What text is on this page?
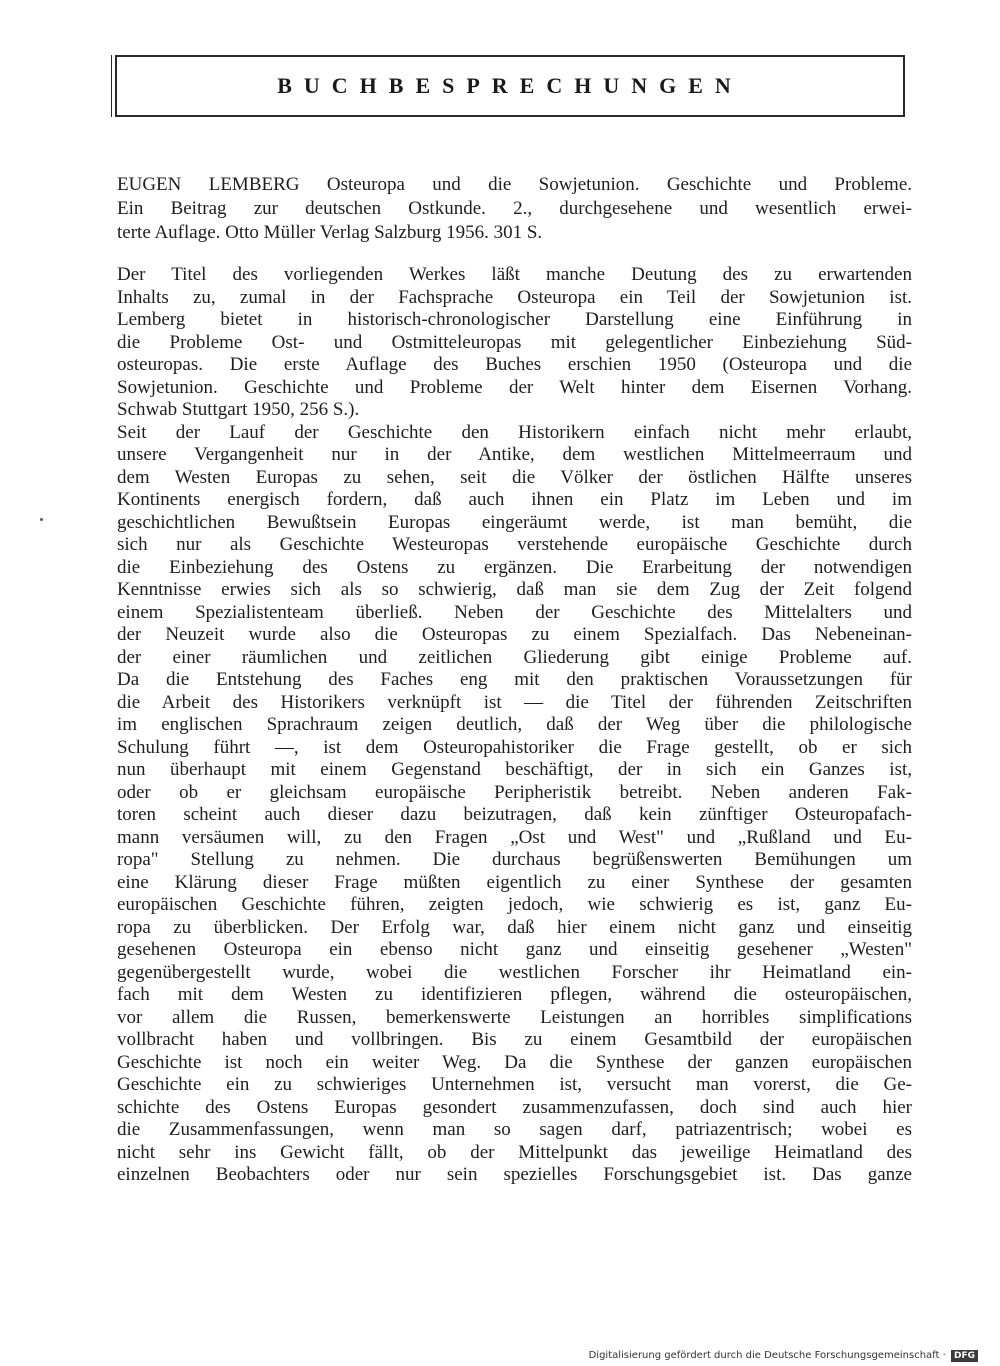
BUCHBESPRECHUNGEN
EUGEN LEMBERG Osteuropa und die Sowjetunion. Geschichte und Probleme.
Ein Beitrag zur deutschen Ostkunde. 2., durchgesehene und wesentlich erwei-
terte Auflage. Otto Müller Verlag Salzburg 1956. 301 S.
Der Titel des vorliegenden Werkes läßt manche Deutung des zu erwartenden
Inhalts zu, zumal in der Fachsprache Osteuropa ein Teil der Sowjetunion ist.
Lemberg bietet in historisch-chronologischer Darstellung eine Einführung in
die Probleme Ost- und Ostmitteleuropas mit gelegentlicher Einbeziehung Süd-
osteuropas. Die erste Auflage des Buches erschien 1950 (Osteuropa und die
Sowjetunion. Geschichte und Probleme der Welt hinter dem Eisernen Vorhang.
Schwab Stuttgart 1950, 256 S.).
Seit der Lauf der Geschichte den Historikern einfach nicht mehr erlaubt,
unsere Vergangenheit nur in der Antike, dem westlichen Mittelmeerraum und
dem Westen Europas zu sehen, seit die Völker der östlichen Hälfte unseres
Kontinents energisch fordern, daß auch ihnen ein Platz im Leben und im
geschichtlichen Bewußtsein Europas eingeräumt werde, ist man bemüht, die
sich nur als Geschichte Westeuropas verstehende europäische Geschichte durch
die Einbeziehung des Ostens zu ergänzen. Die Erarbeitung der notwendigen
Kenntnisse erwies sich als so schwierig, daß man sie dem Zug der Zeit folgend
einem Spezialistenteam überließ. Neben der Geschichte des Mittelalters und
der Neuzeit wurde also die Osteuropas zu einem Spezialfach. Das Nebeneinan-
der einer räumlichen und zeitlichen Gliederung gibt einige Probleme auf.
Da die Entstehung des Faches eng mit den praktischen Voraussetzungen für
die Arbeit des Historikers verknüpft ist — die Titel der führenden Zeitschriften
im englischen Sprachraum zeigen deutlich, daß der Weg über die philologische
Schulung führt —, ist dem Osteuropahistoriker die Frage gestellt, ob er sich
nun überhaupt mit einem Gegenstand beschäftigt, der in sich ein Ganzes ist,
oder ob er gleichsam europäische Peripheristik betreibt. Neben anderen Fak-
toren scheint auch dieser dazu beizutragen, daß kein zünftiger Osteuropafach-
mann versäumen will, zu den Fragen „Ost und West" und „Rußland und Eu-
ropa" Stellung zu nehmen. Die durchaus begrüßenswerten Bemühungen um
eine Klärung dieser Frage müßten eigentlich zu einer Synthese der gesamten
europäischen Geschichte führen, zeigten jedoch, wie schwierig es ist, ganz Eu-
ropa zu überblicken. Der Erfolg war, daß hier einem nicht ganz und einseitig
gesehenen Osteuropa ein ebenso nicht ganz und einseitig gesehener „Westen"
gegenübergestellt wurde, wobei die westlichen Forscher ihr Heimatland ein-
fach mit dem Westen zu identifizieren pflegen, während die osteuropäischen,
vor allem die Russen, bemerkenswerte Leistungen an horribles simplifications
vollbracht haben und vollbringen. Bis zu einem Gesamtbild der europäischen
Geschichte ist noch ein weiter Weg. Da die Synthese der ganzen europäischen
Geschichte ein zu schwieriges Unternehmen ist, versucht man vorerst, die Ge-
schichte des Ostens Europas gesondert zusammenzufassen, doch sind auch hier
die Zusammenfassungen, wenn man so sagen darf, patriazentrisch; wobei es
nicht sehr ins Gewicht fällt, ob der Mittelpunkt das jeweilige Heimatland des
einzelnen Beobachters oder nur sein spezielles Forschungsgebiet ist. Das ganze
Digitalisierung gefördert durch die Deutsche Forschungsgemeinschaft · DFG
